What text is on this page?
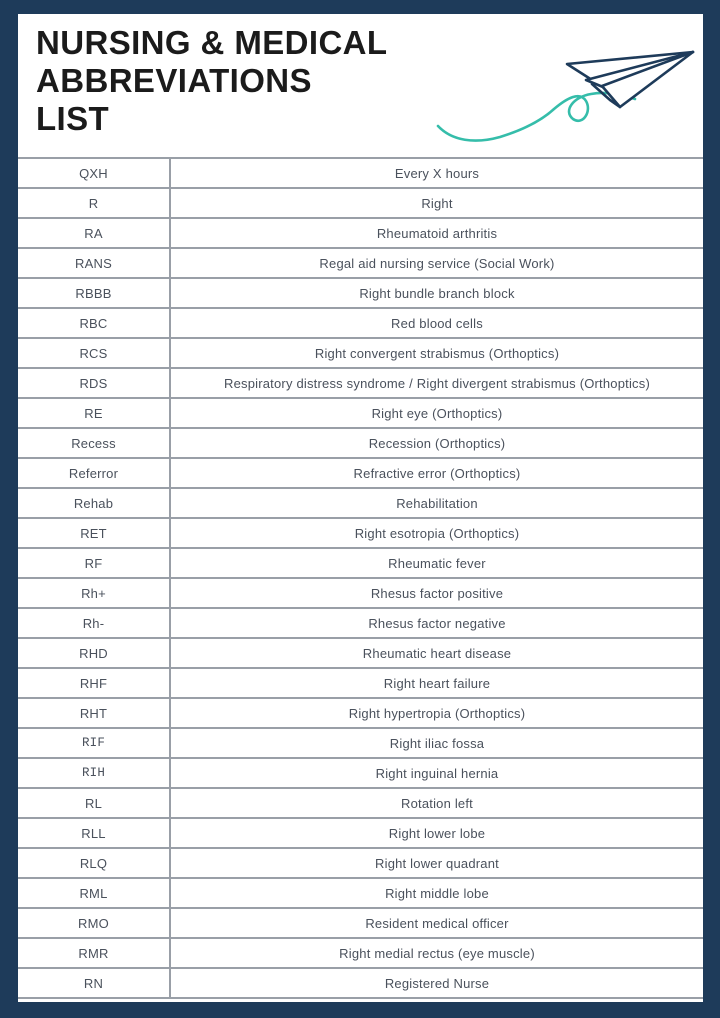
NURSING & MEDICAL
ABBREVIATIONS
LIST
QXH	Every X hours
R	Right
RA	Rheumatoid arthritis
RANS	Regal aid nursing service (Social Work)
RBBB	Right bundle branch block
RBC	Red blood cells
RCS	Right convergent strabismus (Orthoptics)
RDS	Respiratory distress syndrome / Right divergent strabismus (Orthoptics)
RE	Right eye (Orthoptics)
Recess	Recession (Orthoptics)
Referror	Refractive error (Orthoptics)
Rehab	Rehabilitation
RET	Right esotropia (Orthoptics)
RF	Rheumatic fever
Rh+	Rhesus factor positive
Rh-	Rhesus factor negative
RHD	Rheumatic heart disease
RHF	Right heart failure
RHT	Right hypertropia (Orthoptics)
RIF	Right iliac fossa
RIH	Right inguinal hernia
RL	Rotation left
RLL	Right lower lobe
RLQ	Right lower quadrant
RML	Right middle lobe
RMO	Resident medical officer
RMR	Right medial rectus (eye muscle)
RN	Registered Nurse
